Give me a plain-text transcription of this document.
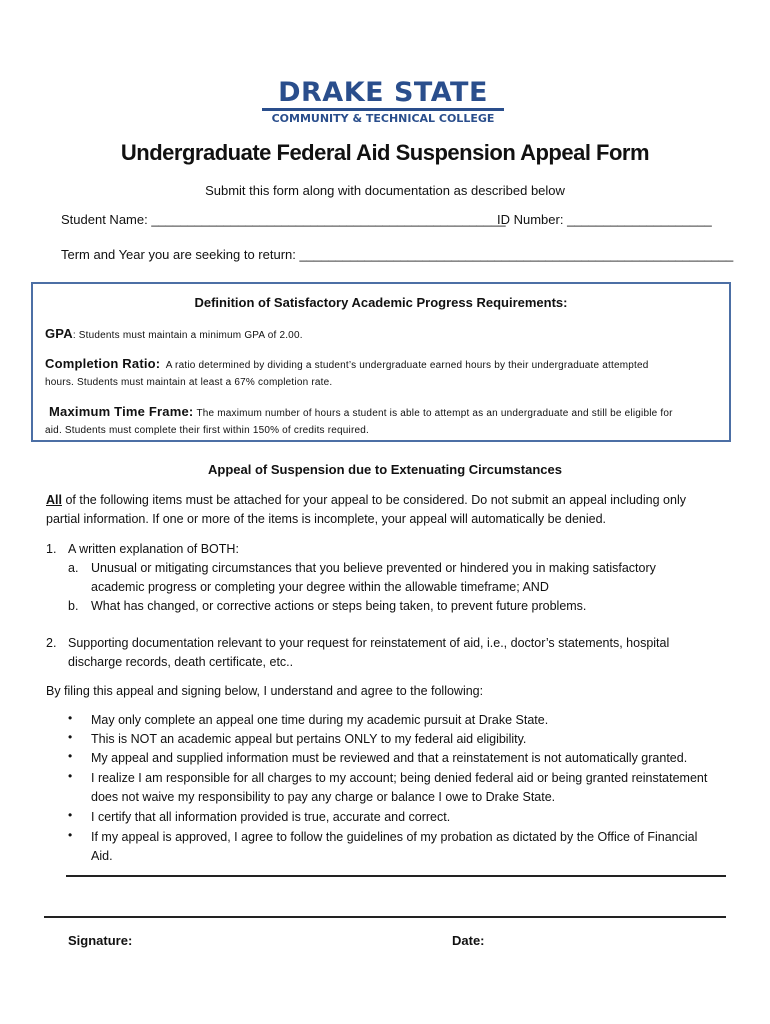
DRAKE STATE
COMMUNITY & TECHNICAL COLLEGE
Undergraduate Federal Aid Suspension Appeal Form
Submit this form along with documentation as described below
Student Name: _________________________________________________
ID Number: ____________________
Term and Year you are seeking to return: ____________________________________________________________
Definition of Satisfactory Academic Progress Requirements:
GPA: Students must maintain a minimum GPA of 2.00.
Completion Ratio: A ratio determined by dividing a student’s undergraduate earned hours by their undergraduate attempted
hours. Students must maintain at least a 67% completion rate.
Maximum Time Frame: The maximum number of hours a student is able to attempt as an undergraduate and still be eligible for
aid. Students must complete their first within 150% of credits required.
Appeal of Suspension due to Extenuating Circumstances
All of the following items must be attached for your appeal to be considered. Do not submit an appeal including only
partial information. If one or more of the items is incomplete, your appeal will automatically be denied.
1. A written explanation of BOTH:
a. Unusual or mitigating circumstances that you believe prevented or hindered you in making satisfactory
academic progress or completing your degree within the allowable timeframe; AND
b. What has changed, or corrective actions or steps being taken, to prevent future problems.
2. Supporting documentation relevant to your request for reinstatement of aid, i.e., doctor’s statements, hospital
discharge records, death certificate, etc..
By filing this appeal and signing below, I understand and agree to the following:
• May only complete an appeal one time during my academic pursuit at Drake State.
• This is NOT an academic appeal but pertains ONLY to my federal aid eligibility.
• My appeal and supplied information must be reviewed and that a reinstatement is not automatically granted.
• I realize I am responsible for all charges to my account; being denied federal aid or being granted reinstatement
does not waive my responsibility to pay any charge or balance I owe to Drake State.
• I certify that all information provided is true, accurate and correct.
• If my appeal is approved, I agree to follow the guidelines of my probation as dictated by the Office of Financial
Aid.
Signature:	Date:
